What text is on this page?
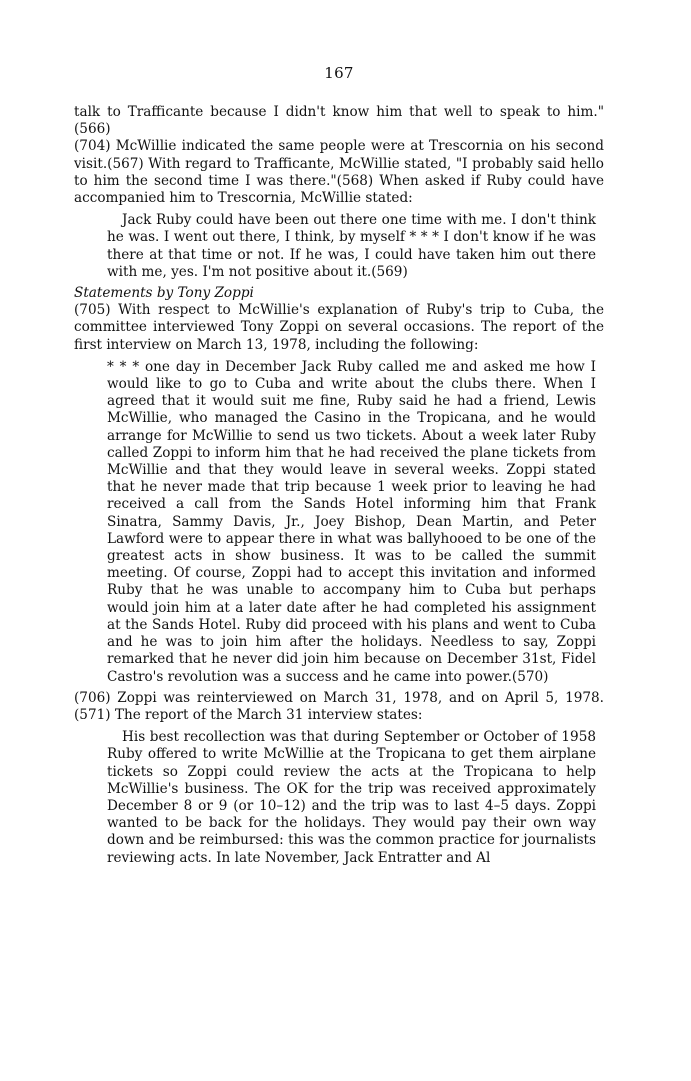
167

talk to Trafficante because I didn't know him that well to speak to him."(566)

(704) McWillie indicated the same people were at Trescornia on his second visit.(567) With regard to Trafficante, McWillie stated, "I probably said hello to him the second time I was there."(568) When asked if Ruby could have accompanied him to Trescornia, McWillie stated:

Jack Ruby could have been out there one time with me. I don't think he was. I went out there, I think, by myself * * * I don't know if he was there at that time or not. If he was, I could have taken him out there with me, yes. I'm not positive about it.(569)

Statements by Tony Zoppi

(705) With respect to McWillie's explanation of Ruby's trip to Cuba, the committee interviewed Tony Zoppi on several occasions. The report of the first interview on March 13, 1978, including the following:

* * * one day in December Jack Ruby called me and asked me how I would like to go to Cuba and write about the clubs there. When I agreed that it would suit me fine, Ruby said he had a friend, Lewis McWillie, who managed the Casino in the Tropicana, and he would arrange for McWillie to send us two tickets. About a week later Ruby called Zoppi to inform him that he had received the plane tickets from McWillie and that they would leave in several weeks. Zoppi stated that he never made that trip because 1 week prior to leaving he had received a call from the Sands Hotel informing him that Frank Sinatra, Sammy Davis, Jr., Joey Bishop, Dean Martin, and Peter Lawford were to appear there in what was ballyhooed to be one of the greatest acts in show business. It was to be called the summit meeting. Of course, Zoppi had to accept this invitation and informed Ruby that he was unable to accompany him to Cuba but perhaps would join him at a later date after he had completed his assignment at the Sands Hotel. Ruby did proceed with his plans and went to Cuba and he was to join him after the holidays. Needless to say, Zoppi remarked that he never did join him because on December 31st, Fidel Castro's revolution was a success and he came into power.(570)

(706) Zoppi was reinterviewed on March 31, 1978, and on April 5, 1978.(571) The report of the March 31 interview states:

His best recollection was that during September or October of 1958 Ruby offered to write McWillie at the Tropicana to get them airplane tickets so Zoppi could review the acts at the Tropicana to help McWillie's business. The OK for the trip was received approximately December 8 or 9 (or 10–12) and the trip was to last 4–5 days. Zoppi wanted to be back for the holidays. They would pay their own way down and be reimbursed: this was the common practice for journalists reviewing acts. In late November, Jack Entratter and Al
